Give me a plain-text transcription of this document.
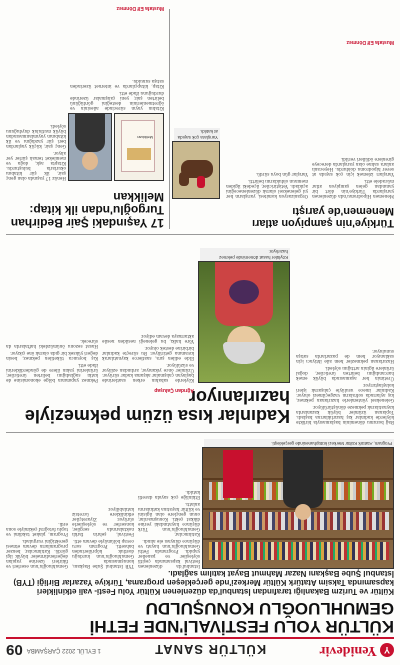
Y
Yenidevir
KÜLTÜR SANAT
1 EYLÜL 2022 ÇARŞAMBA
09
KÜLTÜR YOLU FESTİVALİ'NDE FETHİ GEMUHLUOĞLU KONUŞULDU
Kültür ve Turizm Bakanlığı tarafından İstanbul'da düzenlenen Kültür Yolu Festi- vali etkinlikleri kapsamında Taksim Atatürk Kültür Merkezi'nde gerçekleşen programa, Türkiye Yazarlar Birliği (TYB) İstanbul Şube Başkanı Nazar Mahmut Bayat katılım sağladı.
Program, Atatürk Kültür Merkezi kütüphanesinde gerçekleşti.

İstanbul'da düzenlenen festival kapsamında çeşitli söyleşiler ve paneller yapıldı. Programda Fethi Gemuhluoğlu'nun hayatı ve düşünce dünyası ele alındı.

Katılımcılar, Gemuhluoğlu'nun Türk düşünce hayatındaki yerine dikkat çekti. Konuşmacılar, onun gençlere olan ilgisini ve kültür hayatına katkılarını anlattı.

Etkinliğe çok sayıda davetli katıldı.

TYB İstanbul Şube Başkanı, konuşmasında Gemuhluoğlu'nun kurduğu dostluk köprülerinden bahsetti. Program soru cevap bölümüyle devam etti.

Festival, şehrin farklı noktalarında sergiler, konserler ve söyleşilerle sürüyor. Ziyaretçiler etkinliklere ücretsiz katılabiliyor.

Gemuhluoğlu'nun eserleri ve fikirleri üzerine yapılan değerlendirmeler büyük ilgi gördü. Katılımcılar, benzer programların devam etmesi gerektiğini vurguladı.

Program, plaket takdimi ve toplu fotoğraf çekimiyle sona erdi.

Kadınlar kısa üzüm pekmeziyle hazırlanıyor

Bağ bozumu döneminin başlamasıyla birlikte köylerde kadınlar kış hazırlıklarına başladı. Toplanan üzümler büyük kazanlarda kaynatılarak pekmeze dönüştürülüyor.

Geleneksel yöntemlerle hazırlanan pekmez, kış aylarında sofraların vazgeçilmezi oluyor. Kadınlar imece usulüyle çalışarak işleri kolaylaştırıyor.

Üretimin her aşamasında büyük emek harcandığını belirten üreticiler, doğal ürünlere ilginin arttığını söyledi.

Hazırlanan pekmezler hem aile ihtiyacı için saklanıyor hem de pazarlarda satışa sunuluyor.

Köylüler hasat döneminde pekmez hazırlıyor.

Köylerde sabahın erken saatlerinde başlayan çalışmalar akşama kadar sürüyor. Üzümler önce yıkanıyor, ardından eziliyor ve süzülüyor.

Elde edilen şıra, saatlerce kaynatılarak kıvamına getiriliyor. Bu süreçte kadınlar birbirine destek oluyor.

Yöre halkı, bu geleneği nesilden nesile aktarmaya devam ediyor.

Pekmez yapımının bölge ekonomisine de katkı sağladığını belirten üreticiler, ürünlerini yakın illere de gönderdiklerini ifade etti.

Kış boyunca tüketilen pekmez, besin değeri yüksek bir gıda olarak öne çıkıyor.

Hasat sezonu önümüzdeki haftalarda da sürecek.

Ağrıdan Çaluşap
Türkiye'nin şampiyon atları Menemen'de yarıştı

Menemen Hipodromu'nda düzenlenen yarışlarda Türkiye'nin dört bir yanından gelen şampiyon atlar mücadele etti.

Yarışları izlemek için çok sayıda at sever hipodromu doldurdu. Heyecanlı anlara sahne olan yarışlarda dereceye girenlere ödülleri verildi.

Organizasyon komitesi, yarışların her yıl geleneksel olarak düzenleneceğini açıkladı. Yetiştiriciler, ilçedeki ilgiden memnun olduklarını belirtti.

Yarışlar gün boyu sürdü.

Mustafa Elf Dönmez
Yarışlara çok sayıda at katıldı.
17 Yaşındaki Şair Bedirhan Turgoğlu'ndan ilk kitap: Melikkan
Melikkan

Henüz 17 yaşında olan genç şair, ilk şiir kitabını okurlarla buluşturdu. Kitapta aşk, doğa ve memleket temalı şiirler yer alıyor.

Genç şair, küçük yaşlardan beri şiir yazdığını ve ilk kitabının yayımlanmasından büyük mutluluk duyduğunu söyledi.

Kitabın yayın sürecinde ailesinin ve öğretmenlerinin desteğini gördüğünü belirten şair, yeni çalışmalar üzerinde durduğunu ifade etti.

Kitap, kitapçılarda ve internet üzerinden satışa sunuldu.

Mustafa Elf Dönmez
